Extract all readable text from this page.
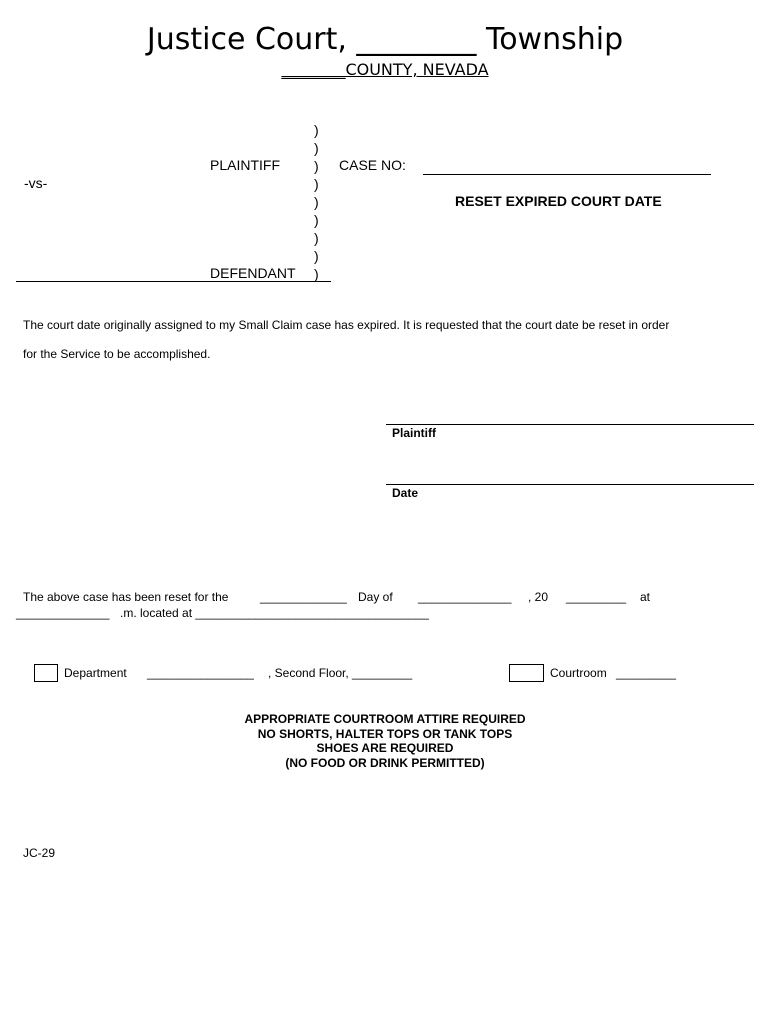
Justice Court, ________ Township
________COUNTY, NEVADA
)
)
)
)
)
)
)
)
)
PLAINTIFF
-vs-
DEFENDANT
CASE NO:
RESET EXPIRED COURT DATE
The court date originally assigned to my Small Claim case has expired. It is requested that the court date be reset in order
for the Service to be accomplished.
Plaintiff
Date
The above case has been reset for the	_____________ Day of ______________ , 20 _________ at
______________ .m. located at ___________________________________
Department ________________ , Second Floor, _________	Courtroom _________
APPROPRIATE COURTROOM ATTIRE REQUIRED
NO SHORTS, HALTER TOPS OR TANK TOPS
SHOES ARE REQUIRED
(NO FOOD OR DRINK PERMITTED)
JC-29
